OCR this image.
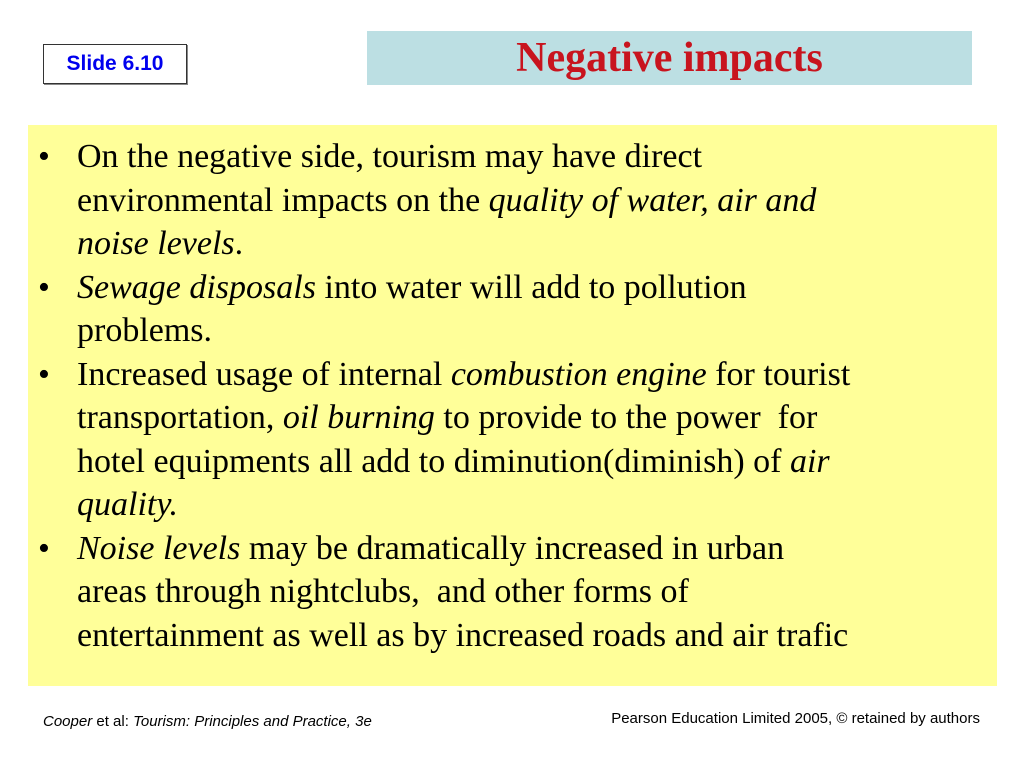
Slide 6.10	Negative impacts
• On the negative side, tourism may have direct
environmental impacts on the quality of water, air and
noise levels.
• Sewage disposals into water will add to pollution
problems.
• Increased usage of internal combustion engine for tourist
transportation, oil burning to provide to the power  for
hotel equipments all add to diminution(diminish) of air
quality.
• Noise levels may be dramatically increased in urban
areas through nightclubs,  and other forms of
entertainment as well as by increased roads and air trafic
Cooper et al: Tourism: Principles and Practice, 3e	Pearson Education Limited 2005, © retained by authors
